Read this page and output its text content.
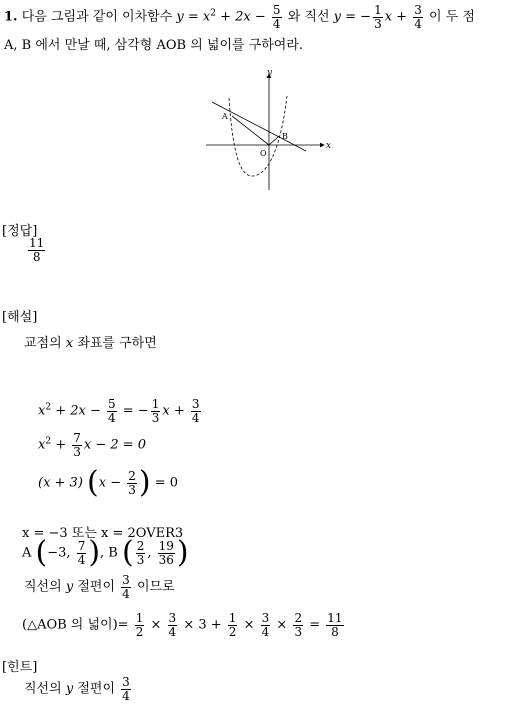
1. 다음 그림과 같이 이차함수 $y = x^2 + 2x - \frac{5}{4}$ 와 직선 y = − $\frac{1}{3}$ $x + \frac{3}{4}$ 이 두 점
A, B 에서 만날 때, 삼각형 AOB 의 넓이를 구하여라.
x
y
A
B
O
[정답]
$\frac{11}{8}$
[해설]
교점의 x 좌표를 구하면
$x^2 + 2x - \frac{5}{4}$ = − $\frac{1}{3}$ $x + \frac{3}{4}$
$x^2 + \frac{7}{3}$ x − 2 = 0
(x + 3) ($x - \frac{2}{3}$ ) = 0
x = −3 또는 x = 2OVER3
A (−3, $\frac{7}{4}$ ), B ( $\frac{2}{3}$ , $\frac{19}{36}$ )
직선의 y 절편이 $\frac{3}{4}$ 이므로
(△AOB 의 넓이)= $\frac{1}{2} \times \frac{3}{4} \times 3 + \frac{1}{2} \times \frac{3}{4} \times \frac{2}{3} = \frac{11}{8}$
[힌트]
직선의 y 절편이 $\frac{3}{4}$
